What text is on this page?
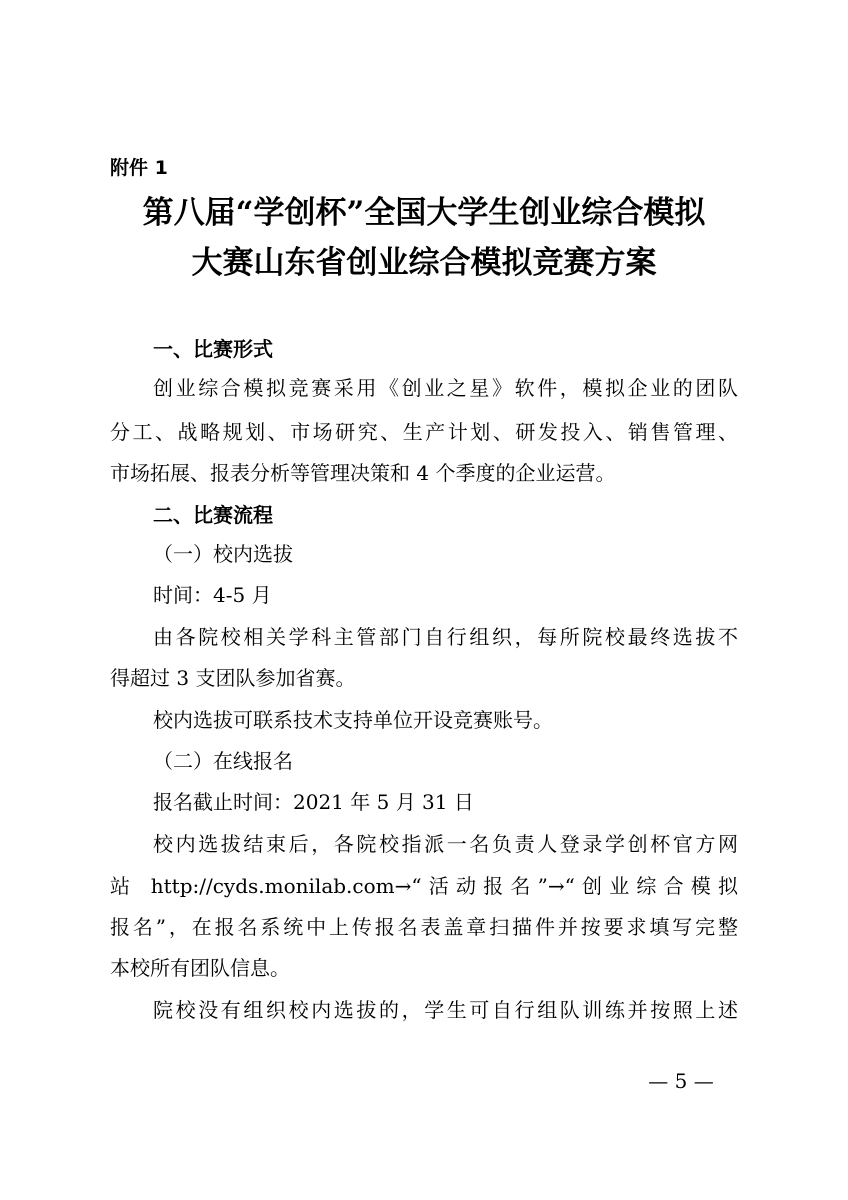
附件 1
第八届“学创杯”全国大学生创业综合模拟
大赛山东省创业综合模拟竞赛方案
一、比赛形式
创业综合模拟竞赛采用《创业之星》软件，模拟企业的团队
分工、战略规划、市场研究、生产计划、研发投入、销售管理、
市场拓展、报表分析等管理决策和 4 个季度的企业运营。
二、比赛流程
（一）校内选拔
时间：4-5 月
由各院校相关学科主管部门自行组织，每所院校最终选拔不
得超过 3 支团队参加省赛。
校内选拔可联系技术支持单位开设竞赛账号。
（二）在线报名
报名截止时间：2021 年 5 月 31 日
校内选拔结束后，各院校指派一名负责人登录学创杯官方网
站 http://cyds.monilab.com→“活动报名”→“创业综合模拟
报名”，在报名系统中上传报名表盖章扫描件并按要求填写完整
本校所有团队信息。
院校没有组织校内选拔的，学生可自行组队训练并按照上述
— 5 —
